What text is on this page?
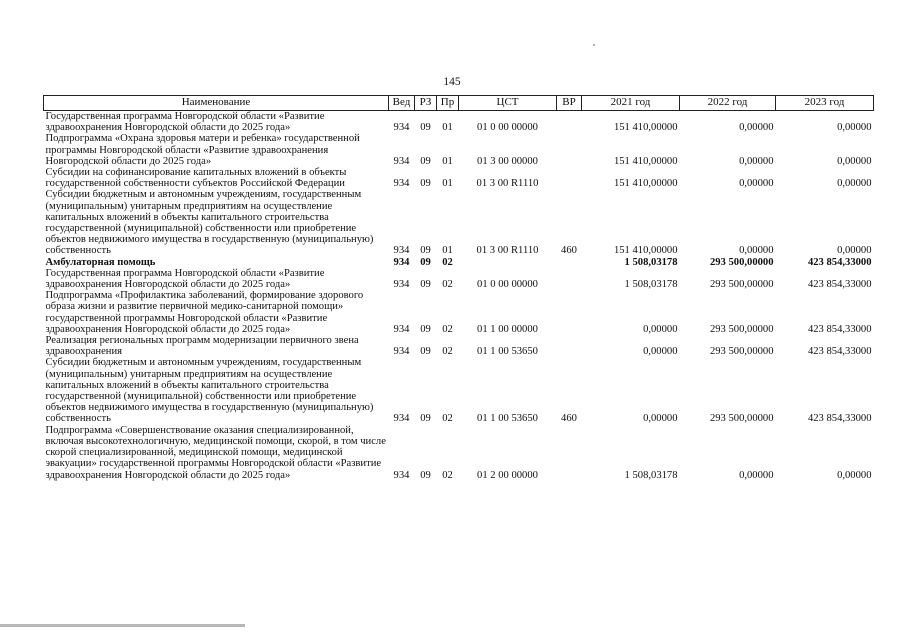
145
Наименование	Вед	РЗ	Пр	ЦСТ	ВР	2021 год	2022 год	2023 год
Государственная программа Новгородской области «Развитие здравоохранения Новгородской области до 2025 года»	934	09	01	01 0 00 00000		151 410,00000	0,00000	0,00000
Подпрограмма «Охрана здоровья матери и ребенка» государственной программы Новгородской области «Развитие здравоохранения Новгородской области до 2025 года»	934	09	01	01 3 00 00000		151 410,00000	0,00000	0,00000
Субсидии на софинансирование капитальных вложений в объекты государственной собственности субъектов Российской Федерации	934	09	01	01 3 00 R1110		151 410,00000	0,00000	0,00000
Субсидии бюджетным и автономным учреждениям, государственным (муниципальным) унитарным предприятиям на осуществление капитальных вложений в объекты капитального строительства государственной (муниципальной) собственности или приобретение объектов недвижимого имущества в государственную (муниципальную) собственность	934	09	01	01 3 00 R1110	460	151 410,00000	0,00000	0,00000
Амбулаторная помощь	934	09	02			1 508,03178	293 500,00000	423 854,33000
Государственная программа Новгородской области «Развитие здравоохранения Новгородской области до 2025 года»	934	09	02	01 0 00 00000		1 508,03178	293 500,00000	423 854,33000
Подпрограмма «Профилактика заболеваний, формирование здорового образа жизни и развитие первичной медико-санитарной помощи» государственной программы Новгородской области «Развитие здравоохранения Новгородской области до 2025 года»	934	09	02	01 1 00 00000		0,00000	293 500,00000	423 854,33000
Реализация региональных программ модернизации первичного звена здравоохранения	934	09	02	01 1 00 53650		0,00000	293 500,00000	423 854,33000
Субсидии бюджетным и автономным учреждениям, государственным (муниципальным) унитарным предприятиям на осуществление капитальных вложений в объекты капитального строительства государственной (муниципальной) собственности или приобретение объектов недвижимого имущества в государственную (муниципальную) собственность	934	09	02	01 1 00 53650	460	0,00000	293 500,00000	423 854,33000
Подпрограмма «Совершенствование оказания специализированной, включая высокотехнологичную, медицинской помощи, скорой, в том числе скорой специализированной, медицинской помощи, медицинской эвакуации» государственной программы Новгородской области «Развитие здравоохранения Новгородской области до 2025 года»	934	09	02	01 2 00 00000		1 508,03178	0,00000	0,00000
